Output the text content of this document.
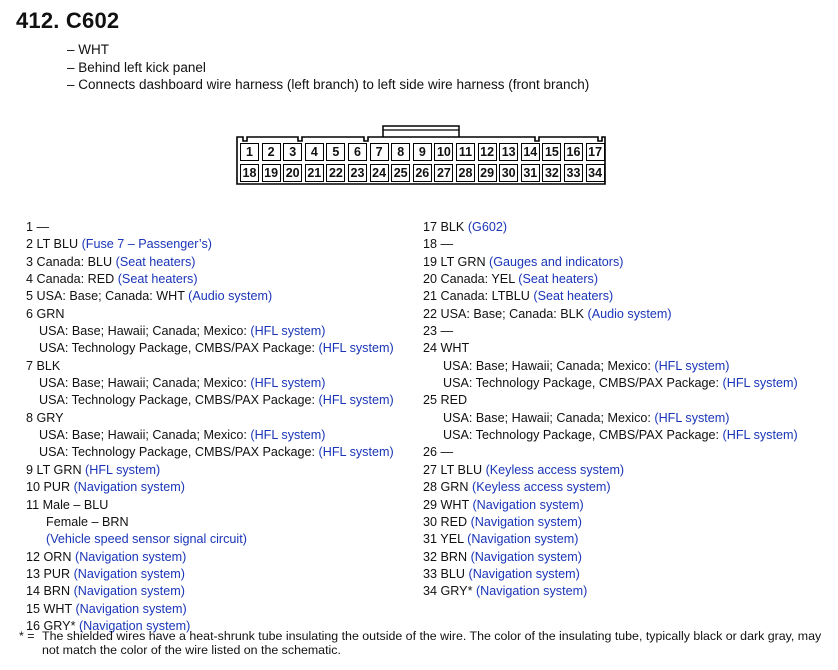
412. C602
– WHT
– Behind left kick panel
– Connects dashboard wire harness (left branch) to left side wire harness (front branch)
1	2	3	4	5	6	7	8	9 10 11 12 13 14 15 16 17
18 19 20 21 22 23 24 25 26 27 28 29 30 31 32 33 34
1 —
2 LT BLU (Fuse 7 – Passenger’s)
3 Canada: BLU (Seat heaters)
4 Canada: RED (Seat heaters)
5 USA: Base; Canada: WHT (Audio system)
6 GRN
USA: Base; Hawaii; Canada; Mexico: (HFL system)
USA: Technology Package, CMBS/PAX Package: (HFL system)
7 BLK
USA: Base; Hawaii; Canada; Mexico: (HFL system)
USA: Technology Package, CMBS/PAX Package: (HFL system)
8 GRY
USA: Base; Hawaii; Canada; Mexico: (HFL system)
USA: Technology Package, CMBS/PAX Package: (HFL system)
9 LT GRN (HFL system)
10 PUR (Navigation system)
11 Male – BLU
Female – BRN
(Vehicle speed sensor signal circuit)
12 ORN (Navigation system)
13 PUR (Navigation system)
14 BRN (Navigation system)
15 WHT (Navigation system)
16 GRY* (Navigation system)
17 BLK (G602)
18 —
19 LT GRN (Gauges and indicators)
20 Canada: YEL (Seat heaters)
21 Canada: LTBLU (Seat heaters)
22 USA: Base; Canada: BLK (Audio system)
23 —
24 WHT
USA: Base; Hawaii; Canada; Mexico: (HFL system)
USA: Technology Package, CMBS/PAX Package: (HFL system)
25 RED
USA: Base; Hawaii; Canada; Mexico: (HFL system)
USA: Technology Package, CMBS/PAX Package: (HFL system)
26 —
27 LT BLU (Keyless access system)
28 GRN (Keyless access system)
29 WHT (Navigation system)
30 RED (Navigation system)
31 YEL (Navigation system)
32 BRN (Navigation system)
33 BLU (Navigation system)
34 GRY* (Navigation system)
* = The shielded wires have a heat-shrunk tube insulating the outside of the wire. The color of the insulating tube, typically black or dark gray, may not match the color of the wire listed on the schematic.
